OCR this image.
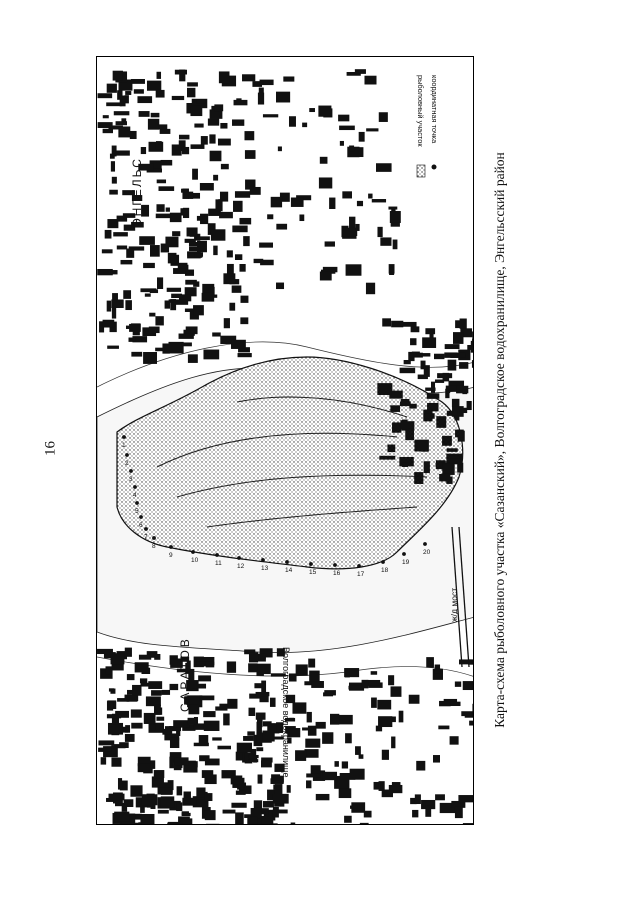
16	1
2
3
4
5
6
7
8
9
10	11 12	13	14	15	16	17
18
19
20
координатная точка
рыболовный участок
ЭНГЕЛЬС
САРАТОВ	Волгоградское водохранилище
ж/д мост Карта-схема рыболовного участка «Сазанский», Волгоградское водохранилище, Энгельсский район
